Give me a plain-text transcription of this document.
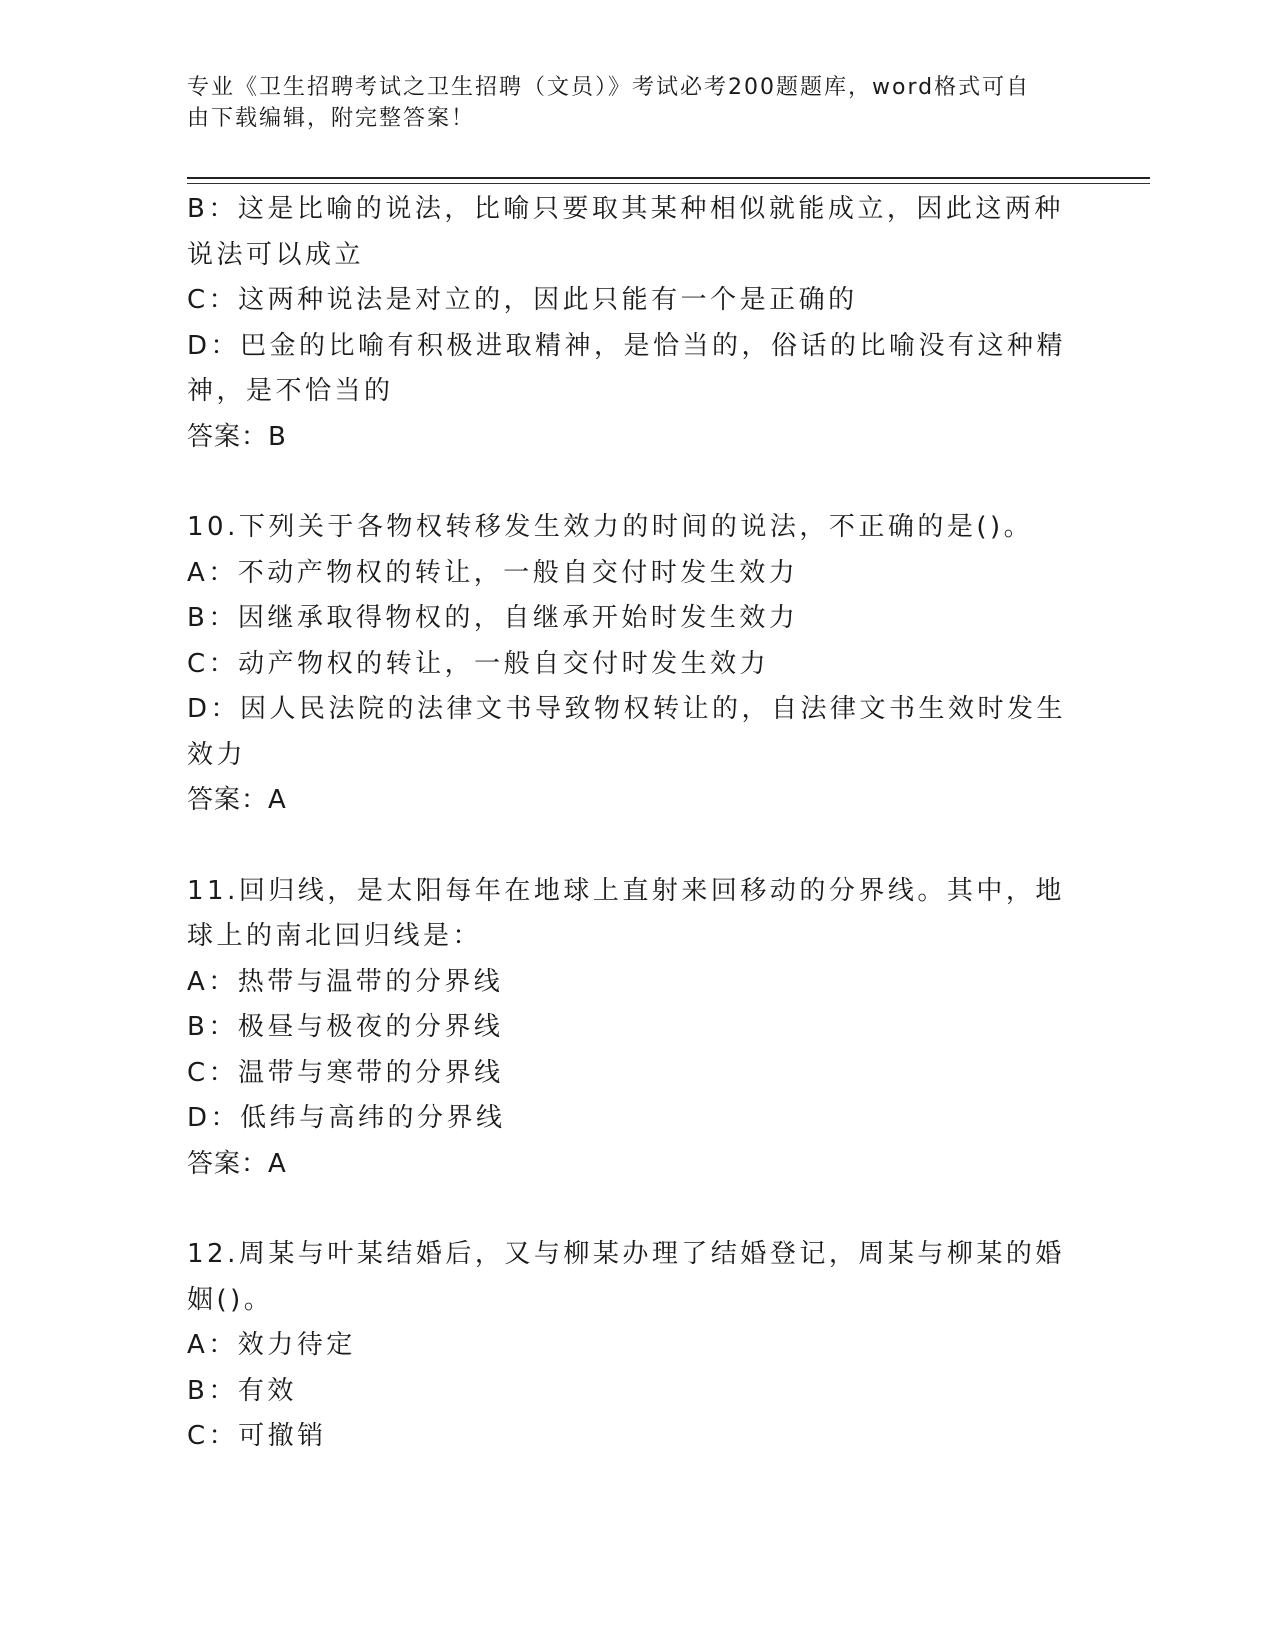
专业《卫生招聘考试之卫生招聘（文员）》考试必考200题题库，word格式可自
由下载编辑，附完整答案！

B：这是比喻的说法，比喻只要取其某种相似就能成立，因此这两种说法可以成立

C：这两种说法是对立的，因此只能有一个是正确的

D：巴金的比喻有积极进取精神，是恰当的，俗话的比喻没有这种精神，是不恰当的

答案：B

10.下列关于各物权转移发生效力的时间的说法，不正确的是()。

A：不动产物权的转让，一般自交付时发生效力

B：因继承取得物权的，自继承开始时发生效力

C：动产物权的转让，一般自交付时发生效力

D：因人民法院的法律文书导致物权转让的，自法律文书生效时发生效力

答案：A

11.回归线，是太阳每年在地球上直射来回移动的分界线。其中，地球上的南北回归线是：

A：热带与温带的分界线

B：极昼与极夜的分界线

C：温带与寒带的分界线

D：低纬与高纬的分界线

答案：A

12.周某与叶某结婚后，又与柳某办理了结婚登记，周某与柳某的婚姻()。

A：效力待定

B：有效

C：可撤销
